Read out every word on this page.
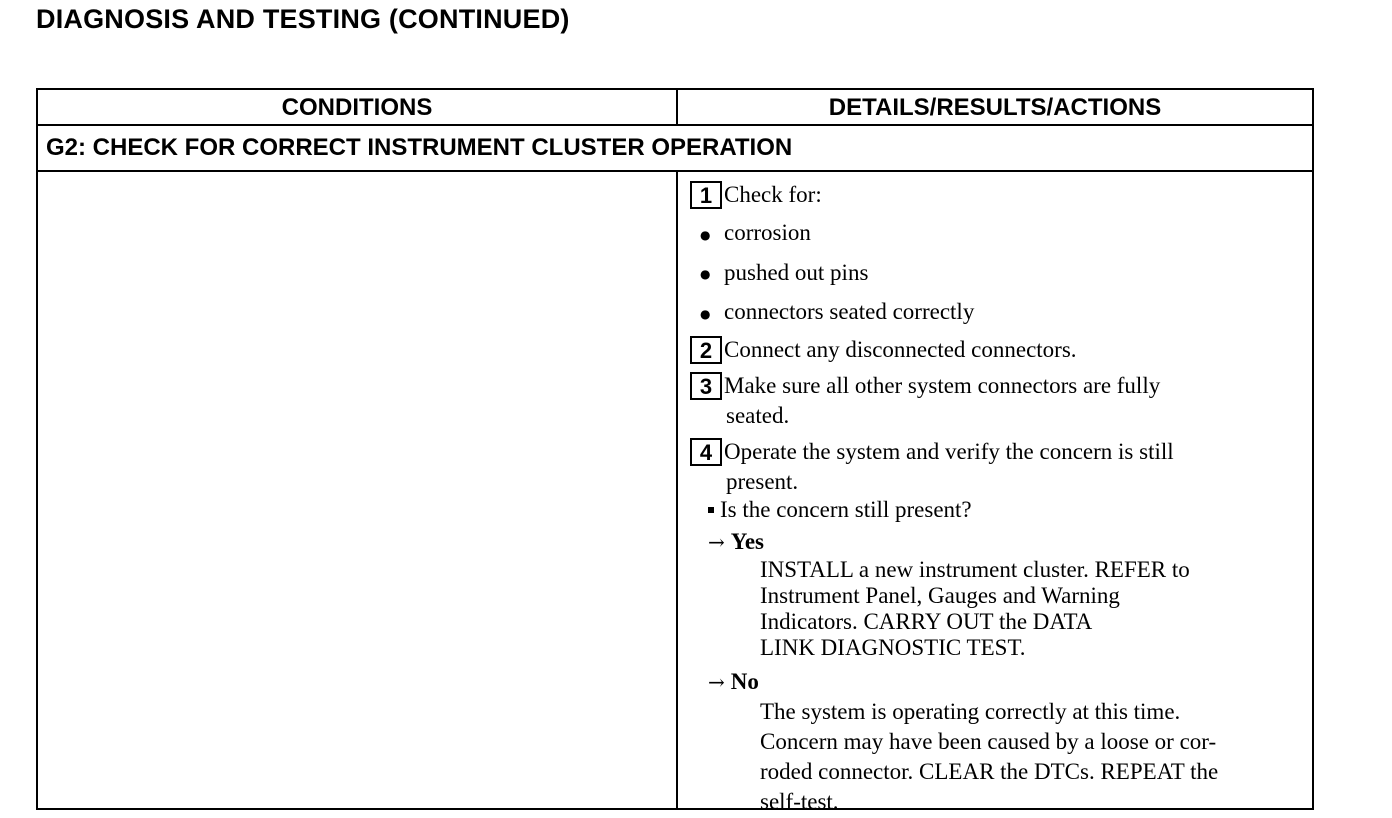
DIAGNOSIS AND TESTING (CONTINUED)
CONDITIONS	DETAILS/RESULTS/ACTIONS
G2: CHECK FOR CORRECT INSTRUMENT CLUSTER OPERATION
1 Check for:
● corrosion
● pushed out pins
● connectors seated correctly
2 Connect any disconnected connectors.
3 Make sure all other system connectors are fully
seated.
4 Operate the system and verify the concern is still
present.
Is the concern still present?
→ Yes
INSTALL a new instrument cluster. REFER to
Instrument Panel, Gauges and Warning
Indicators. CARRY OUT the DATA
LINK DIAGNOSTIC TEST.
→ No
The system is operating correctly at this time.
Concern may have been caused by a loose or cor-
roded connector. CLEAR the DTCs. REPEAT the
self-test.
